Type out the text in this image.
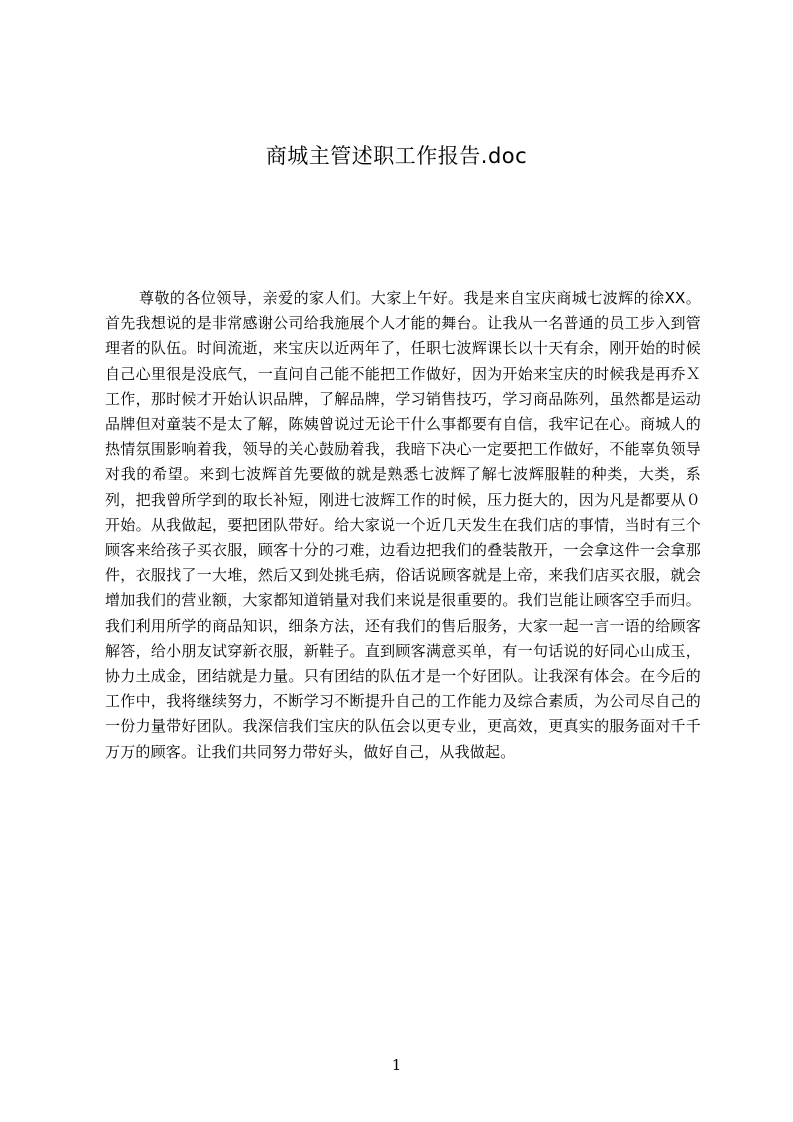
商城主管述职工作报告.doc

尊敬的各位领导，亲爱的家人们。大家上午好。我是来自宝庆商城七波辉的徐XX。首先我想说的是非常感谢公司给我施展个人才能的舞台。让我从一名普通的员工步入到管理者的队伍。时间流逝，来宝庆以近两年了，任职七波辉课长以十天有余，刚开始的时候自己心里很是没底气，一直问自己能不能把工作做好，因为开始来宝庆的时候我是再乔Ｘ工作，那时候才开始认识品牌，了解品牌，学习销售技巧，学习商品陈列，虽然都是运动品牌但对童装不是太了解，陈姨曾说过无论干什么事都要有自信，我牢记在心。商城人的热情氛围影响着我，领导的关心鼓励着我，我暗下决心一定要把工作做好，不能辜负领导对我的希望。来到七波辉首先要做的就是熟悉七波辉了解七波辉服鞋的种类，大类，系列，把我曾所学到的取长补短，刚进七波辉工作的时候，压力挺大的，因为凡是都要从０开始。从我做起，要把团队带好。给大家说一个近几天发生在我们店的事情，当时有三个顾客来给孩子买衣服，顾客十分的刁难，边看边把我们的叠装散开，一会拿这件一会拿那件，衣服找了一大堆，然后又到处挑毛病，俗话说顾客就是上帝，来我们店买衣服，就会增加我们的营业额，大家都知道销量对我们来说是很重要的。我们岂能让顾客空手而归。我们利用所学的商品知识，细条方法，还有我们的售后服务，大家一起一言一语的给顾客解答，给小朋友试穿新衣服，新鞋子。直到顾客满意买单，有一句话说的好同心山成玉，协力土成金，团结就是力量。只有团结的队伍才是一个好团队。让我深有体会。在今后的工作中，我将继续努力，不断学习不断提升自己的工作能力及综合素质，为公司尽自己的一份力量带好团队。我深信我们宝庆的队伍会以更专业，更高效，更真实的服务面对千千万万的顾客。让我们共同努力带好头，做好自己，从我做起。

1
